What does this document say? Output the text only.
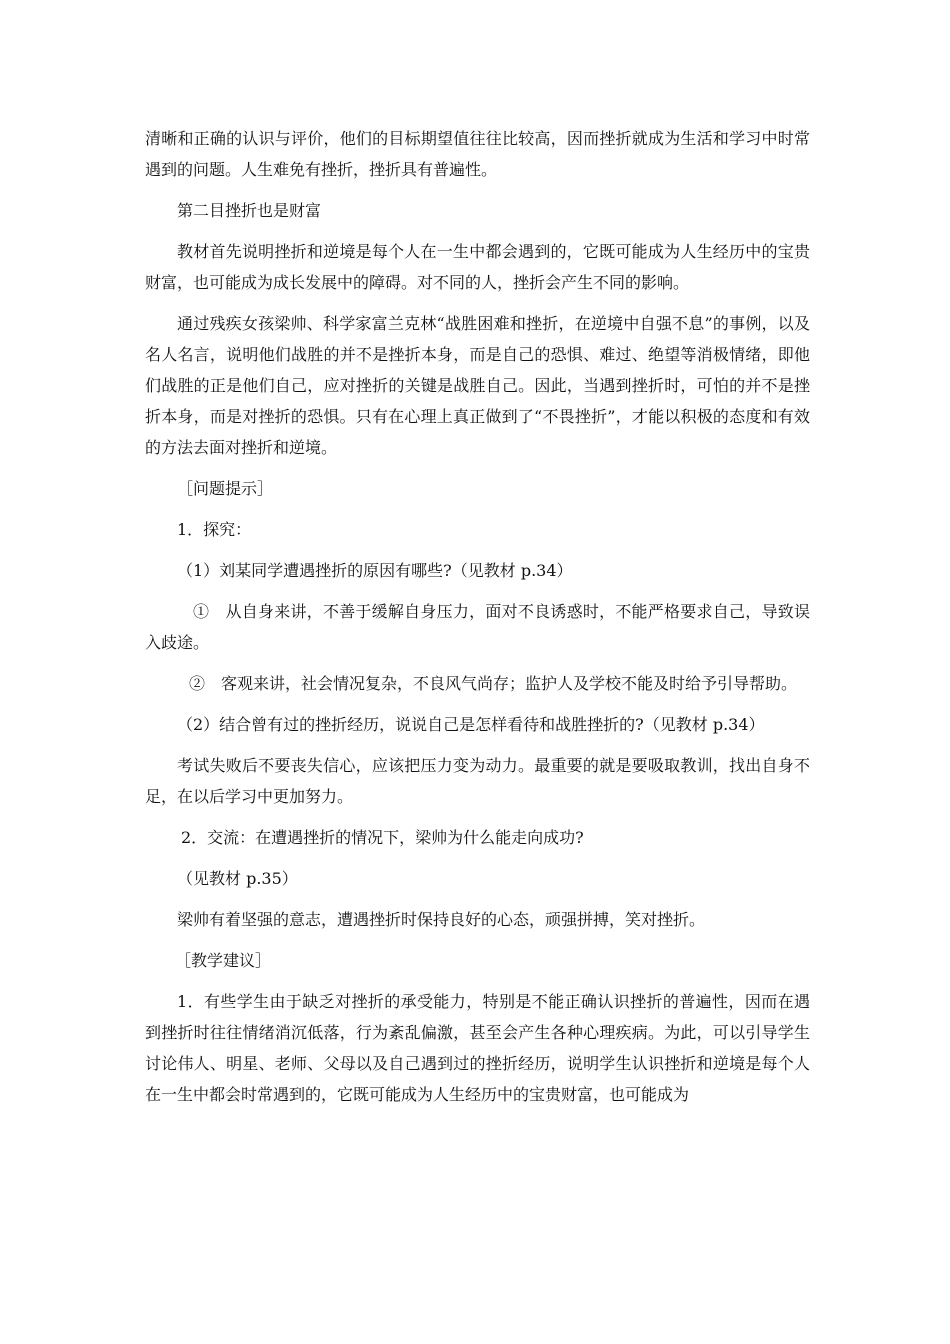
清晰和正确的认识与评价，他们的目标期望值往往比较高，因而挫折就成为生活和学习中时常遇到的问题。人生难免有挫折，挫折具有普遍性。

第二目挫折也是财富

教材首先说明挫折和逆境是每个人在一生中都会遇到的，它既可能成为人生经历中的宝贵财富，也可能成为成长发展中的障碍。对不同的人，挫折会产生不同的影响。

通过残疾女孩梁帅、科学家富兰克林“战胜困难和挫折，在逆境中自强不息”的事例，以及名人名言，说明他们战胜的并不是挫折本身，而是自己的恐惧、难过、绝望等消极情绪，即他们战胜的正是他们自己，应对挫折的关键是战胜自己。因此，当遇到挫折时，可怕的并不是挫折本身，而是对挫折的恐惧。只有在心理上真正做到了“不畏挫折”，才能以积极的态度和有效的方法去面对挫折和逆境。

［问题提示］

1．探究：

（1）刘某同学遭遇挫折的原因有哪些?（见教材 p.34）

①　从自身来讲，不善于缓解自身压力，面对不良诱惑时，不能严格要求自己，导致误入歧途。

②　客观来讲，社会情况复杂，不良风气尚存；监护人及学校不能及时给予引导帮助。

（2）结合曾有过的挫折经历，说说自己是怎样看待和战胜挫折的?（见教材 p.34）

考试失败后不要丧失信心，应该把压力变为动力。最重要的就是要吸取教训，找出自身不足，在以后学习中更加努力。

2．交流：在遭遇挫折的情况下，梁帅为什么能走向成功?

（见教材 p.35）

梁帅有着坚强的意志，遭遇挫折时保持良好的心态，顽强拼搏，笑对挫折。

［教学建议］

1．有些学生由于缺乏对挫折的承受能力，特别是不能正确认识挫折的普遍性，因而在遇到挫折时往往情绪消沉低落，行为紊乱偏激，甚至会产生各种心理疾病。为此，可以引导学生讨论伟人、明星、老师、父母以及自己遇到过的挫折经历，说明学生认识挫折和逆境是每个人在一生中都会时常遇到的，它既可能成为人生经历中的宝贵财富，也可能成为
